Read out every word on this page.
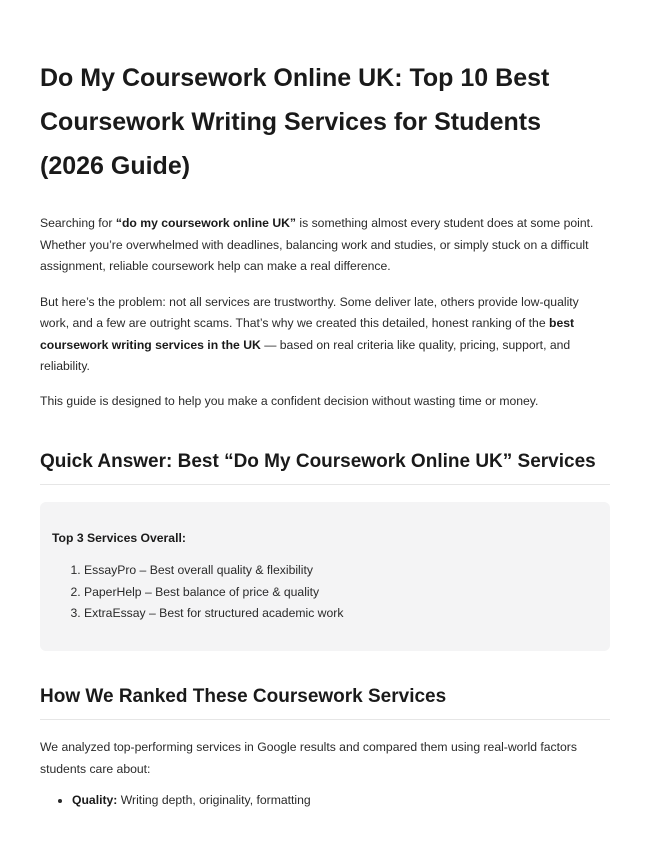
Do My Coursework Online UK: Top 10 Best Coursework Writing Services for Students (2026 Guide)

Searching for “do my coursework online UK” is something almost every student does at some point. Whether you’re overwhelmed with deadlines, balancing work and studies, or simply stuck on a difficult assignment, reliable coursework help can make a real difference.

But here’s the problem: not all services are trustworthy. Some deliver late, others provide low-quality work, and a few are outright scams. That’s why we created this detailed, honest ranking of the best coursework writing services in the UK — based on real criteria like quality, pricing, support, and reliability.

This guide is designed to help you make a confident decision without wasting time or money.

Quick Answer: Best “Do My Coursework Online UK” Services
Top 3 Services Overall:
1. EssayPro – Best overall quality & flexibility
2. PaperHelp – Best balance of price & quality
3. ExtraEssay – Best for structured academic work
How We Ranked These Coursework Services

We analyzed top-performing services in Google results and compared them using real-world factors students care about:

• Quality: Writing depth, originality, formatting
